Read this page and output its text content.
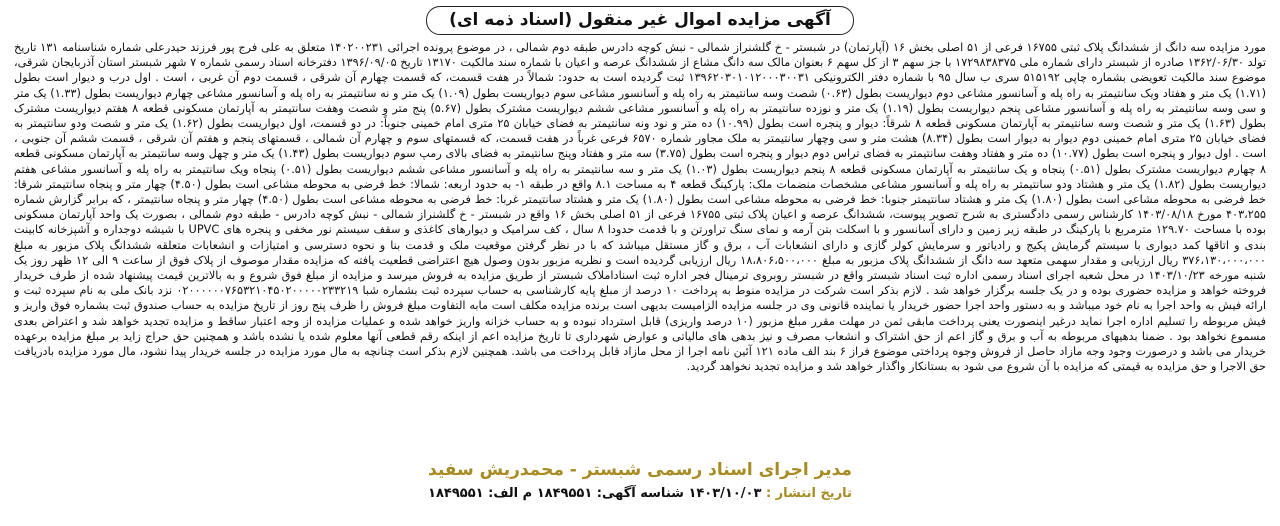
آگهی مزایده اموال غیر منقول (اسناد ذمه ای)
مورد مزایده سه دانگ از ششدانگ پلاک ثبتی ۱۶۷۵۵ فرعی از ۵۱ اصلی بخش ۱۶ (آپارتمان) در شبستر - خ گلشنراز شمالی - نبش کوچه دادرس طبقه دوم شمالی ، در موضوع پرونده اجرائی ۱۴۰۲۰۰۲۳۱ متعلق به علی فرج پور فرزند حیدرعلی شماره شناسنامه ۱۳۱ تاریخ تولد ۱۳۶۲/۰۶/۳۰ صادره از شبستر دارای شماره ملی ۱۷۲۹۸۳۸۳۷۵ با جز سهم ۳ از کل سهم ۶ بعنوان مالک سه دانگ مشاع از ششدانگ عرصه و اعیان با شماره سند مالکیت ۱۳۱۷۰ تاریخ ۱۳۹۶/۰۹/۰۵ دفترخانه اسناد رسمی شماره ۷ شهر شبستر استان آذربایجان شرقی، موضوع سند مالکیت تعویضی بشماره چاپی ۵۱۵۱۹۲ سری ب سال ۹۵ با شماره دفتر الکترونیکی ۱۳۹۶۲۰۳۰۱۰۱۲۰۰۰۳۰۰۳۱ ثبت گردیده است به حدود: شمالاً در هفت قسمت، که قسمت چهارم آن شرقی ، قسمت دوم آن غربی ، است . اول درب و دیوار است بطول (۱.۷۱) یک متر و هفتاد ویک سانتیمتر به راه پله و آسانسور مشاعی دوم دیواریست بطول (۰.۶۳) شصت وسه سانتیمتر به راه پله و آسانسور مشاعی سوم دیواریست بطول (۱.۰۹) یک متر و نه سانتیمتر به راه پله و آسانسور مشاعی چهارم دیواریست بطول (۱.۳۳) یک متر و سی وسه سانتیمتر به راه پله و آسانسور مشاعی پنجم دیواریست بطول (۱.۱۹) یک متر و نوزده سانتیمتر به راه پله و آسانسور مشاعی ششم دیواریست مشترک بطول (۵.۶۷) پنج متر و شصت وهفت سانتیمتر به آپارتمان مسکونی قطعه ۸ هفتم دیواریست مشترک بطول (۱.۶۳) یک متر و شصت وسه سانتیمتر به آپارتمان مسکونی قطعه ۸ شرقاً: دیوار و پنجره است بطول (۱۰.۹۹) ده متر و نود ونه سانتیمتر به فضای خیابان ۲۵ متری امام خمینی جنوباً: در دو قسمت، اول دیواریست بطول (۱.۶۲) یک متر و شصت ودو سانتیمتر به فضای خیابان ۲۵ متری امام خمینی دوم دیوار به دیوار است بطول (۸.۳۴) هشت متر و سی وچهار سانتیمتر به ملک مجاور شماره ۶۵۷۰ فرعی غرباً در هفت قسمت، که قسمتهای سوم و چهارم آن شمالی ، قسمتهای پنجم و هفتم آن شرقی ، قسمت ششم آن جنوبی ، است . اول دیوار و پنجره است بطول (۱۰.۷۷) ده متر و هفتاد وهفت سانتیمتر به فضای تراس دوم دیوار و پنجره است بطول (۳.۷۵) سه متر و هفتاد وپنج سانتیمتر به فضای بالای رمپ سوم دیواریست بطول (۱.۴۳) یک متر و چهل وسه سانتیمتر به آپارتمان مسکونی قطعه ۸ چهارم دیواریست مشترک بطول (۰.۵۱) پنجاه و یک سانتیمتر به آپارتمان مسکونی قطعه ۸ پنجم دیواریست بطول (۱.۰۳) یک متر و سه سانتیمتر به راه پله و آسانسور مشاعی ششم دیواریست بطول (۰.۵۱) پنجاه ویک سانتیمتر به راه پله و آسانسور مشاعی هفتم دیواریست بطول (۱.۸۲) یک متر و هشتاد ودو سانتیمتر به راه پله و آسانسور مشاعی مشخصات منضمات ملک: پارکینگ قطعه ۴ به مساحت ۸.۱ واقع در طبقه ۱- به حدود اربعه: شمالا: خط فرضی به محوطه مشاعی است بطول (۴.۵۰) چهار متر و پنجاه سانتیمتر شرقا: خط فرضی به محوطه مشاعی است بطول (۱.۸۰) یک متر و هشتاد سانتیمتر جنوبا: خط فرضی به محوطه مشاعی است بطول (۱.۸۰) یک متر و هشتاد سانتیمتر غربا: خط فرضی به محوطه مشاعی است بطول (۴.۵۰) چهار متر و پنجاه سانتیمتر ، که برابر گزارش شماره ۴۰۳،۲۵۵ مورخ ۱۴۰۳/۰۸/۱۸ کارشناس رسمی دادگستری به شرح تصویر پیوست، ششدانگ عرصه و اعیان پلاک ثبتی ۱۶۷۵۵ فرعی از ۵۱ اصلی بخش ۱۶ واقع در شبستر - خ گلشنراز شمالی - نبش کوچه دادرس - طبقه دوم شمالی ، بصورت یک واحد آپارتمان مسکونی بوده با مساحت ۱۲۹.۷۰ مترمربع با پارکینگ در طبقه زیر زمین و دارای آسانسور و با اسکلت بتن آرمه و نمای سنگ تراورتن و با قدمت حدودا ۸ سال ، کف سرامیک و دیوارهای کاغذی و سقف سیستم نور مخفی و پنجره های UPVC با شیشه دوجداره و آشپزخانه کابینت بندی و اتاقها کمد دیواری با سیستم گرمایش پکیج و رادیاتور و سرمایش کولر گازی و دارای انشعابات آب ، برق و گاز مستقل میباشد که با در نظر گرفتن موقعیت ملک و قدمت بنا و نحوه دسترسی و امتیازات و انشعابات متعلقه ششدانگ پلاک مزبور به مبلغ ۳۷۶،۱۳۰،۰۰۰،۰۰۰ ریال ارزیابی و مقدار سهمی متعهد سه دانگ از ششدانگ پلاک مزبور به مبلغ ۱۸،۸۰۶،۵۰۰،۰۰۰ ریال ارزیابی گردیده است و نظریه مزبور بدون وصول هیچ اعتراضی قطعیت یافته که مزایده مقدار موصوف از پلاک فوق از ساعت ۹ الی ۱۲ ظهر روز یک شنبه مورخه ۱۴۰۳/۱۰/۲۳ در محل شعبه اجرای اسناد رسمی اداره ثبت اسناد شبستر واقع در شبستر روبروی ترمینال فجر اداره ثبت اسناداملاک شبستر از طریق مزایده به فروش میرسد و مزایده از مبلغ فوق شروع و به بالاترین قیمت پیشنهاد شده از طرف خریدار فروخته خواهد و مزایده حضوری بوده و در یک جلسه برگزار خواهد شد . لازم بذکر است شرکت در مزایده منوط به پرداخت ۱۰ درصد از مبلغ پایه کارشناسی به حساب سپرده ثبت بشماره شبا ۰۲۰۰۰۰۰۰۷۶۵۳۲۱۰۴۵۰۲۰۰۰۰۰۲۳۳۲۱۹ نزد بانک ملی به نام سپرده ثبت و ارائه فیش به واحد اجرا به نام خود میباشد و به دستور واحد اجرا حضور خریدار یا نماینده قانونی وی در جلسه مزایده الزامیست بدیهی است برنده مزایده مکلف است مابه التفاوت مبلغ فروش را ظرف پنج روز از تاریخ مزایده به حساب صندوق ثبت بشماره فوق واریز و فیش مربوطه را تسلیم اداره اجرا نماید درغیر اینصورت یعنی پرداخت مابقی ثمن در مهلت مقرر مبلغ مزبور (۱۰ درصد واریزی) قابل استرداد نبوده و به حساب خزانه واریز خواهد شده و عملیات مزایده از وجه اعتبار ساقط و مزایده تجدید خواهد شد و اعتراض بعدی مسموع نخواهد بود . ضمنا بدهیهای مربوطه به آب و برق و گاز اعم از حق اشتراک و انشعاب مصرف و نیز بدهی های مالیاتی و عوارض شهرداری تا تاریخ مزایده اعم از اینکه رقم قطعی آنها معلوم شده یا نشده باشد و همچنین حق حراج زاید بر مبلغ مزایده برعهده خریدار می باشد و درصورت وجود وجه مازاد حاصل از فروش وجوه پرداختی موضوع فراز ۶ بند الف ماده ۱۲۱ آئین نامه اجرا از محل مازاد قابل پرداخت می باشد. همچنین لازم بذکر است چنانچه به مال مورد مزایده در جلسه خریدار پیدا نشود، مال مورد مزایده بادریافت حق الاجرا و حق مزایده به قیمتی که مزایده با آن شروع می شود به بستانکار واگذار خواهد شد و مزایده تجدید نخواهد گردید.
مدیر اجرای اسناد رسمی شبستر - محمدریش سفید
تاریخ انتشار : ۱۴۰۳/۱۰/۰۳ شناسه آگهی: ۱۸۴۹۵۵۱ م الف: ۱۸۴۹۵۵۱
